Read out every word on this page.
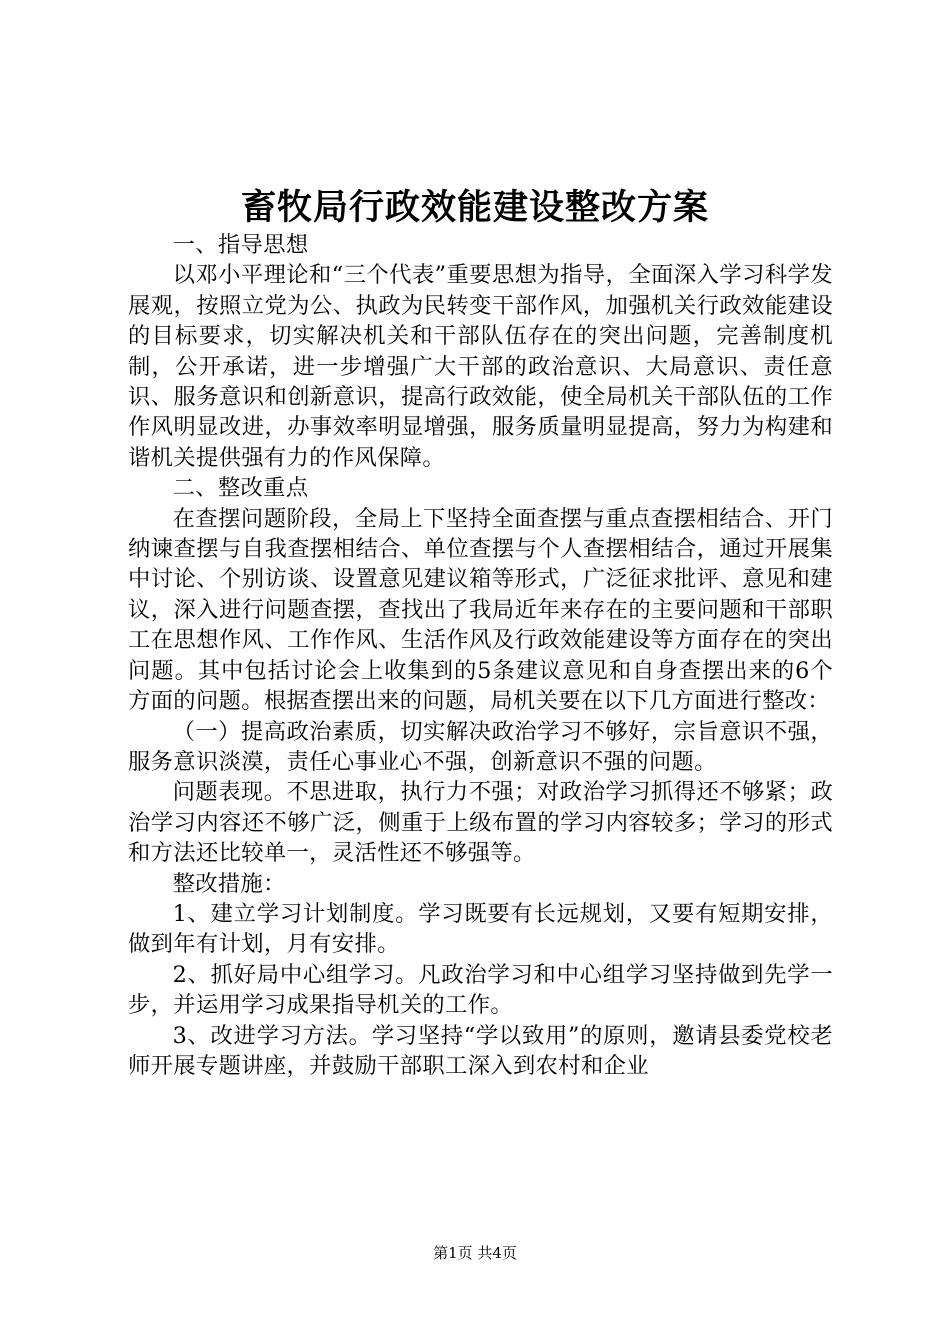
畜牧局行政效能建设整改方案

一、指导思想

以邓小平理论和“三个代表”重要思想为指导，全面深入学习科学发展观，按照立党为公、执政为民转变干部作风，加强机关行政效能建设的目标要求，切实解决机关和干部队伍存在的突出问题，完善制度机制，公开承诺，进一步增强广大干部的政治意识、大局意识、责任意识、服务意识和创新意识，提高行政效能，使全局机关干部队伍的工作作风明显改进，办事效率明显增强，服务质量明显提高，努力为构建和谐机关提供强有力的作风保障。

二、整改重点

在查摆问题阶段，全局上下坚持全面查摆与重点查摆相结合、开门纳谏查摆与自我查摆相结合、单位查摆与个人查摆相结合，通过开展集中讨论、个别访谈、设置意见建议箱等形式，广泛征求批评、意见和建议，深入进行问题查摆，查找出了我局近年来存在的主要问题和干部职工在思想作风、工作作风、生活作风及行政效能建设等方面存在的突出问题。其中包括讨论会上收集到的5条建议意见和自身查摆出来的6个方面的问题。根据查摆出来的问题，局机关要在以下几方面进行整改：

（一）提高政治素质，切实解决政治学习不够好，宗旨意识不强，服务意识淡漠，责任心事业心不强，创新意识不强的问题。

问题表现。不思进取，执行力不强；对政治学习抓得还不够紧；政治学习内容还不够广泛，侧重于上级布置的学习内容较多；学习的形式和方法还比较单一，灵活性还不够强等。

整改措施：

1、建立学习计划制度。学习既要有长远规划，又要有短期安排，做到年有计划，月有安排。

2、抓好局中心组学习。凡政治学习和中心组学习坚持做到先学一步，并运用学习成果指导机关的工作。

3、改进学习方法。学习坚持“学以致用”的原则，邀请县委党校老师开展专题讲座，并鼓励干部职工深入到农村和企业

第1页 共4页
